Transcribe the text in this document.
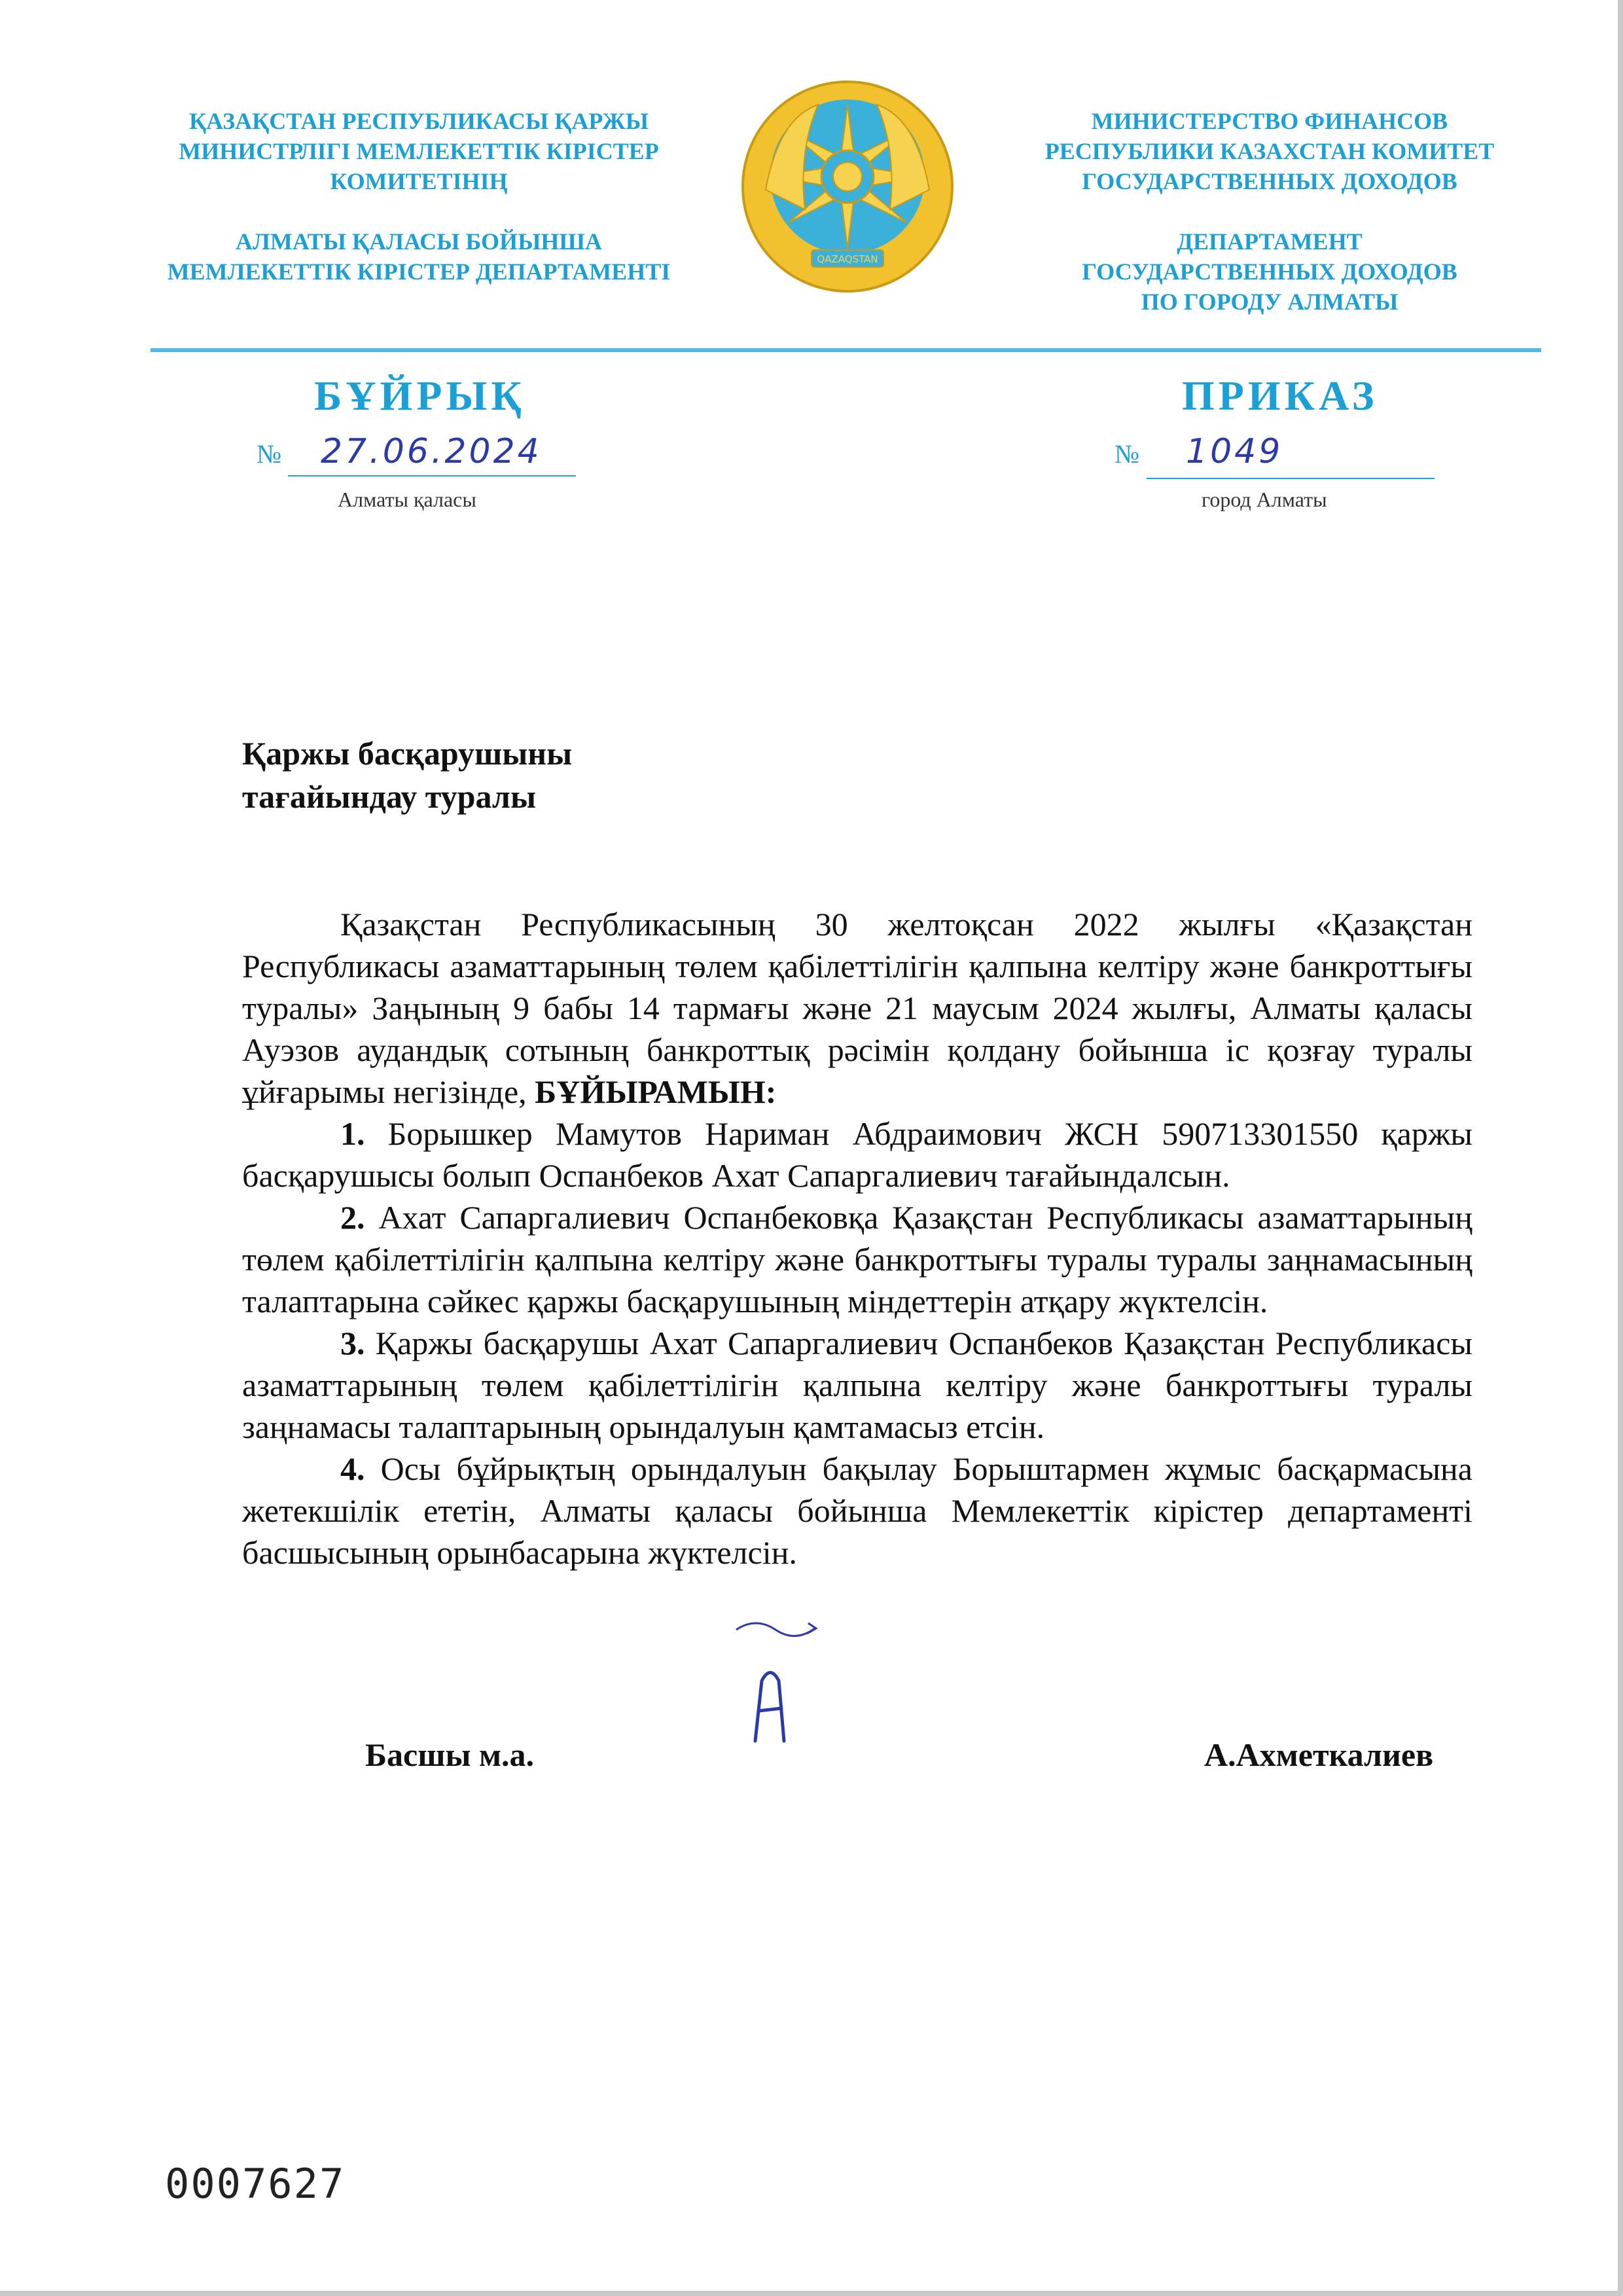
ҚАЗАҚСТАН РЕСПУБЛИКАСЫ ҚАРЖЫ

МИНИСТРЛІГІ МЕМЛЕКЕТТІК КІРІСТЕР

КОМИТЕТІНІҢ

АЛМАТЫ ҚАЛАСЫ БОЙЫНША

МЕМЛЕКЕТТІК КІРІСТЕР ДЕПАРТАМЕНТІ	QAZAQSTAN

МИНИСТЕРСТВО ФИНАНСОВ

РЕСПУБЛИКИ КАЗАХСТАН КОМИТЕТ

ГОСУДАРСТВЕННЫХ ДОХОДОВ

ДЕПАРТАМЕНТ

ГОСУДАРСТВЕННЫХ ДОХОДОВ

ПО ГОРОДУ АЛМАТЫ

БҰЙРЫҚ	ПРИКАЗ
№ 27.06.2024	№ 1049
Алматы қаласы	город Алматы
Қаржы басқарушыны
тағайындау туралы

Қазақстан Республикасының 30 желтоқсан 2022 жылғы «Қазақстан Республикасы азаматтарының төлем қабілеттілігін қалпына келтіру және банкроттығы туралы» Заңының 9 бабы 14 тармағы және 21 маусым 2024 жылғы, Алматы қаласы Ауэзов аудандық сотының банкроттық рәсімін қолдану бойынша іс қозғау туралы ұйғарымы негізінде, БҰЙЫРАМЫН:

1. Борышкер Мамутов Нариман Абдраимович ЖСН 590713301550 қаржы басқарушысы болып Оспанбеков Ахат Сапаргалиевич тағайындалсын.

2. Ахат Сапаргалиевич Оспанбековқа Қазақстан Республикасы азаматтарының төлем қабілеттілігін қалпына келтіру және банкроттығы туралы туралы заңнамасының талаптарына сәйкес қаржы басқарушының міндеттерін атқару жүктелсін.

3. Қаржы басқарушы Ахат Сапаргалиевич Оспанбеков Қазақстан Республикасы азаматтарының төлем қабілеттілігін қалпына келтіру және банкроттығы туралы заңнамасы талаптарының орындалуын қамтамасыз етсін.

4. Осы бұйрықтың орындалуын бақылау Борыштармен жұмыс басқармасына жетекшілік ететін, Алматы қаласы бойынша Мемлекеттік кірістер департаменті басшысының орынбасарына жүктелсін.

Басшы м.а.	А.Ахметкалиев
0007627
